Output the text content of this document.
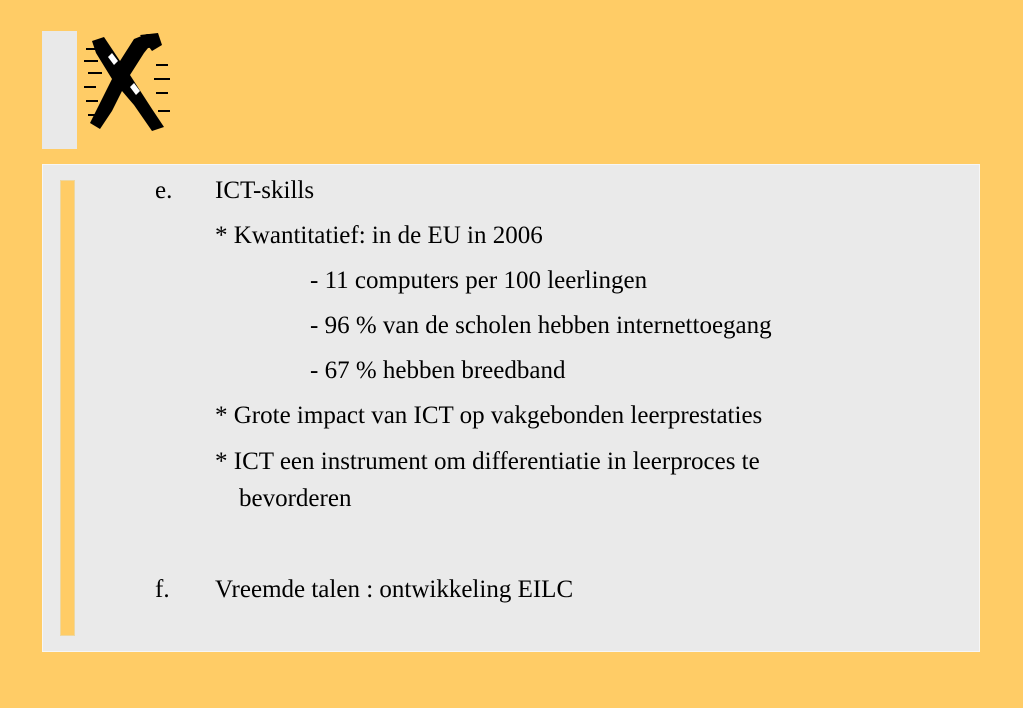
e. ICT-skills
* Kwantitatief: in de EU in 2006
- 11 computers per 100 leerlingen
- 96 % van de scholen hebben internettoegang
- 67 % hebben breedband
* Grote impact van ICT op vakgebonden leerprestaties
* ICT een instrument om differentiatie in leerproces te
bevorderen
f. Vreemde talen : ontwikkeling EILC
